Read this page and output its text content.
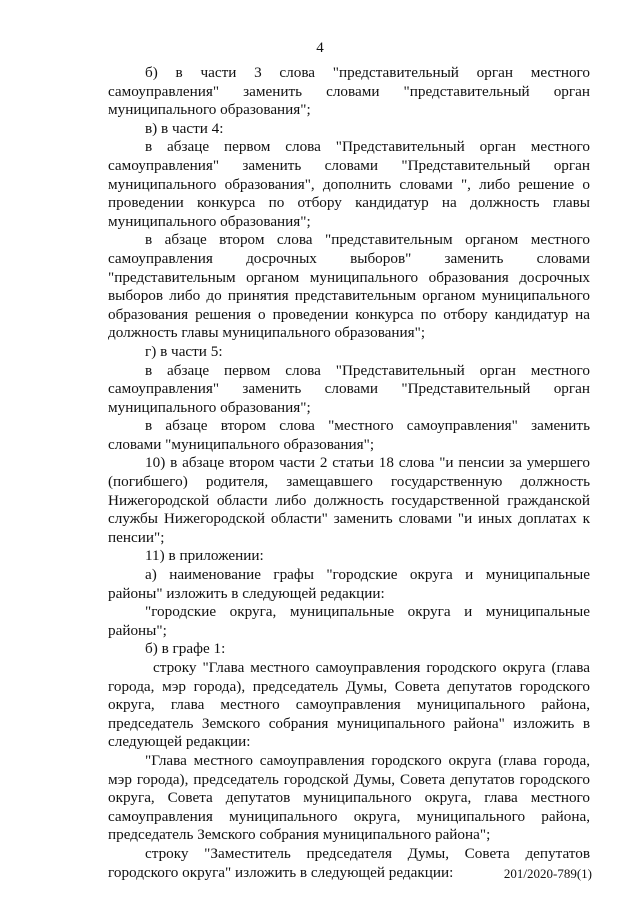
4

б) в части 3 слова "представительный орган местного самоуправления" заменить словами "представительный орган муниципального образования";

в) в части 4:

в абзаце первом слова "Представительный орган местного самоуправления" заменить словами "Представительный орган муниципального образования", дополнить словами ", либо решение о проведении конкурса по отбору кандидатур на должность главы муниципального образования";

в абзаце втором слова "представительным органом местного самоуправления досрочных выборов" заменить словами "представительным органом муниципального образования досрочных выборов либо до принятия представительным органом муниципального образования решения о проведении конкурса по отбору кандидатур на должность главы муниципального образования";

г) в части 5:

в абзаце первом слова "Представительный орган местного самоуправления" заменить словами "Представительный орган муниципального образования";

в абзаце втором слова "местного самоуправления" заменить словами "муниципального образования";

10) в абзаце втором части 2 статьи 18 слова "и пенсии за умершего (погибшего) родителя, замещавшего государственную должность Нижегородской области либо должность государственной гражданской службы Нижегородской области" заменить словами "и иных доплатах к пенсии";

11) в приложении:

а) наименование графы "городские округа и муниципальные районы" изложить в следующей редакции:

"городские округа, муниципальные округа и муниципальные районы";

б) в графе 1:

строку "Глава местного самоуправления городского округа (глава города, мэр города), председатель Думы, Совета депутатов городского округа, глава местного самоуправления муниципального района, председатель Земского собрания муниципального района" изложить в следующей редакции:

"Глава местного самоуправления городского округа (глава города, мэр города), председатель городской Думы, Совета депутатов городского округа, Совета депутатов муниципального округа, глава местного самоуправления муниципального округа, муниципального района, председатель Земского собрания муниципального района";

строку "Заместитель председателя Думы, Совета депутатов городского округа" изложить в следующей редакции:	201/2020-789(1)
